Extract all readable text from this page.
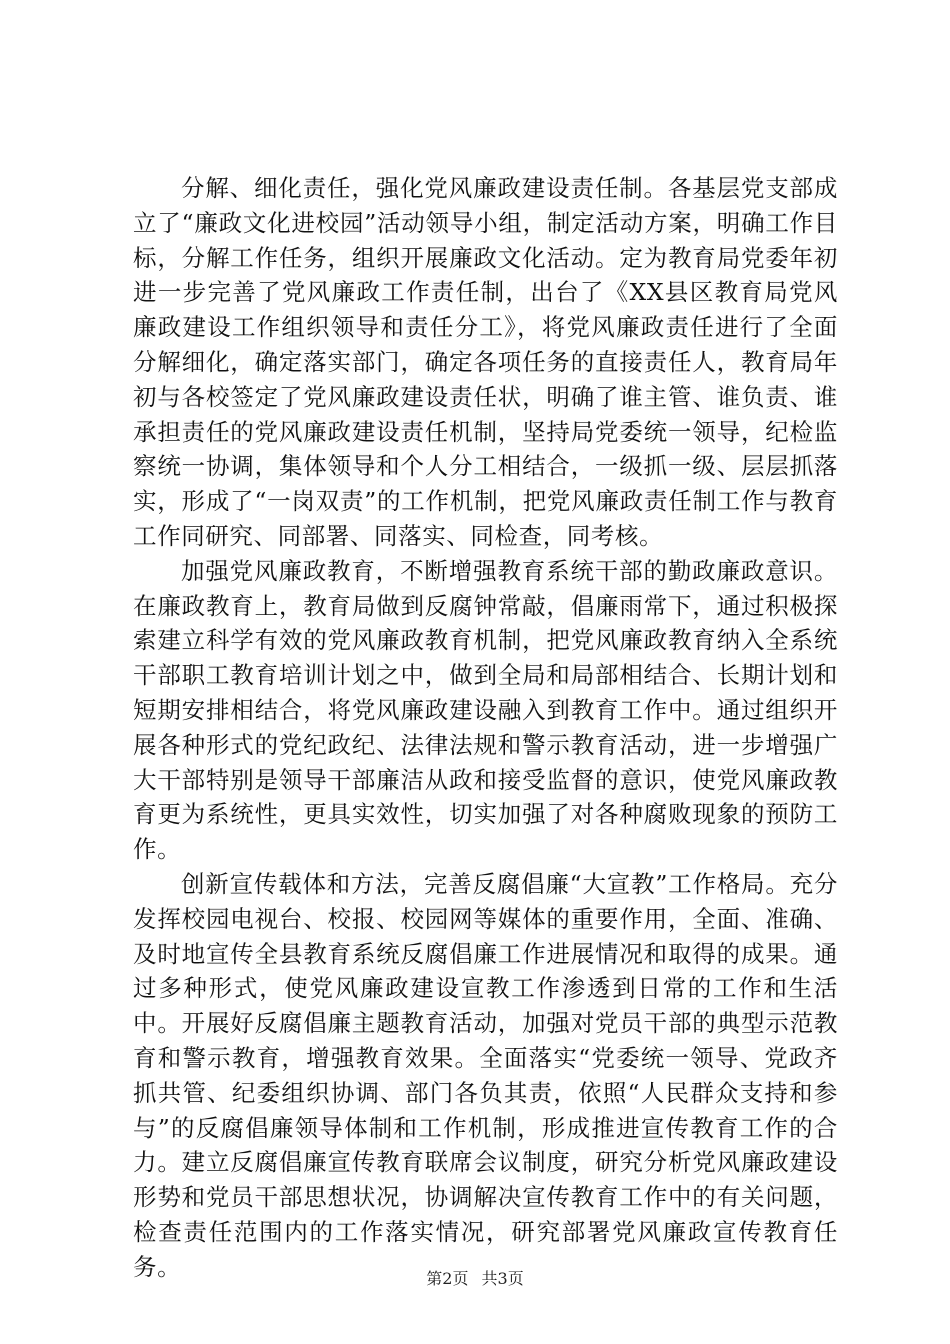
分解、细化责任，强化党风廉政建设责任制。各基层党支部成立了“廉政文化进校园”活动领导小组，制定活动方案，明确工作目标，分解工作任务，组织开展廉政文化活动。定为教育局党委年初进一步完善了党风廉政工作责任制，出台了《XX县区教育局党风廉政建设工作组织领导和责任分工》，将党风廉政责任进行了全面分解细化，确定落实部门，确定各项任务的直接责任人，教育局年初与各校签定了党风廉政建设责任状，明确了谁主管、谁负责、谁承担责任的党风廉政建设责任机制，坚持局党委统一领导，纪检监察统一协调，集体领导和个人分工相结合，一级抓一级、层层抓落实，形成了“一岗双责”的工作机制，把党风廉政责任制工作与教育工作同研究、同部署、同落实、同检查，同考核。

加强党风廉政教育，不断增强教育系统干部的勤政廉政意识。在廉政教育上，教育局做到反腐钟常敲，倡廉雨常下，通过积极探索建立科学有效的党风廉政教育机制，把党风廉政教育纳入全系统干部职工教育培训计划之中，做到全局和局部相结合、长期计划和短期安排相结合，将党风廉政建设融入到教育工作中。通过组织开展各种形式的党纪政纪、法律法规和警示教育活动，进一步增强广大干部特别是领导干部廉洁从政和接受监督的意识，使党风廉政教育更为系统性，更具实效性，切实加强了对各种腐败现象的预防工作。

创新宣传载体和方法，完善反腐倡廉“大宣教”工作格局。充分发挥校园电视台、校报、校园网等媒体的重要作用，全面、准确、及时地宣传全县教育系统反腐倡廉工作进展情况和取得的成果。通过多种形式，使党风廉政建设宣教工作渗透到日常的工作和生活中。开展好反腐倡廉主题教育活动，加强对党员干部的典型示范教育和警示教育，增强教育效果。全面落实“党委统一领导、党政齐抓共管、纪委组织协调、部门各负其责，依照“人民群众支持和参与”的反腐倡廉领导体制和工作机制，形成推进宣传教育工作的合力。建立反腐倡廉宣传教育联席会议制度，研究分析党风廉政建设形势和党员干部思想状况，协调解决宣传教育工作中的有关问题，检查责任范围内的工作落实情况，研究部署党风廉政宣传教育任务。	第2页 共3页
